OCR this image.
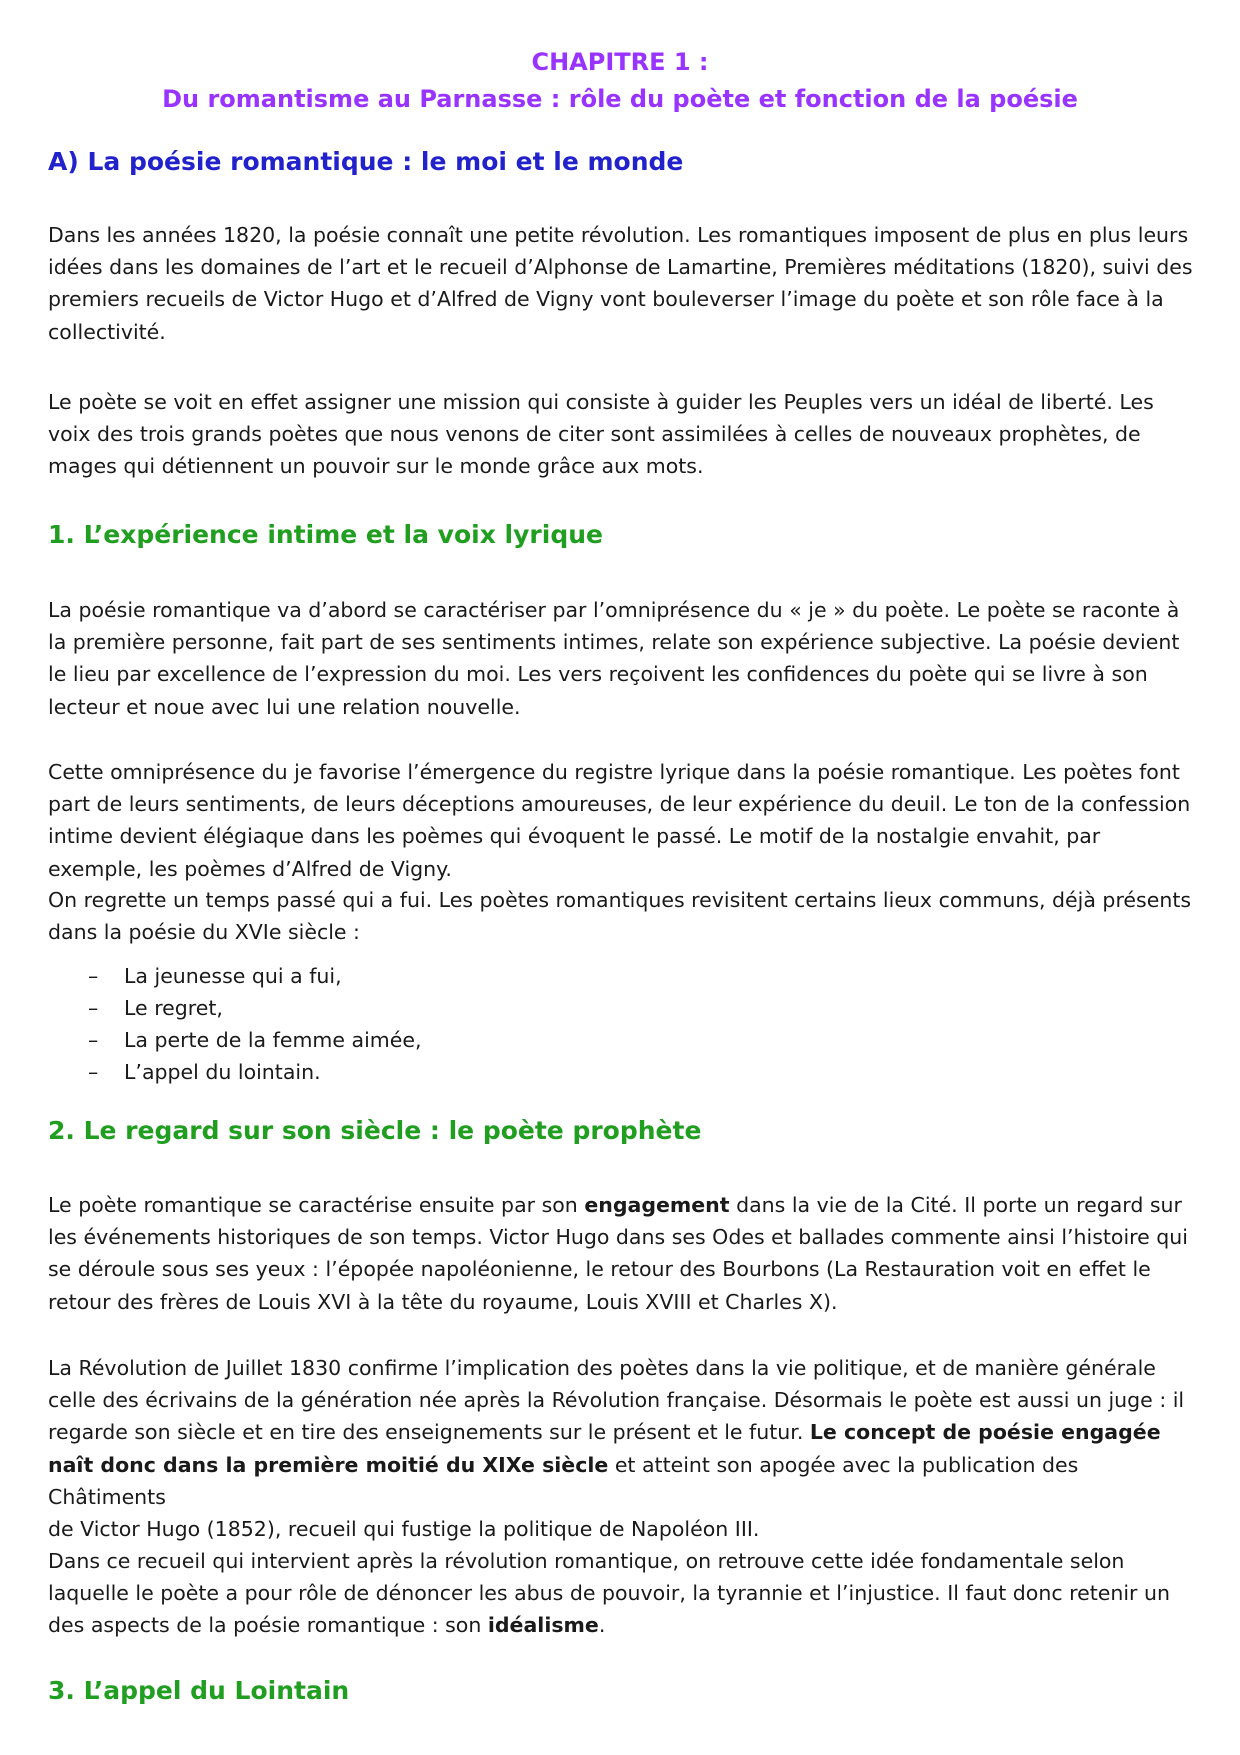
CHAPITRE 1 :
Du romantisme au Parnasse : rôle du poète et fonction de la poésie
A) La poésie romantique : le moi et le monde

Dans les années 1820, la poésie connaît une petite révolution. Les romantiques imposent de plus en plus leurs idées dans les domaines de l’art et le recueil d’Alphonse de Lamartine, Premières méditations (1820), suivi des premiers recueils de Victor Hugo et d’Alfred de Vigny vont bouleverser l’image du poète et son rôle face à la collectivité.

Le poète se voit en effet assigner une mission qui consiste à guider les Peuples vers un idéal de liberté. Les voix des trois grands poètes que nous venons de citer sont assimilées à celles de nouveaux prophètes, de mages qui détiennent un pouvoir sur le monde grâce aux mots.

1. L’expérience intime et la voix lyrique

La poésie romantique va d’abord se caractériser par l’omniprésence du « je » du poète. Le poète se raconte à la première personne, fait part de ses sentiments intimes, relate son expérience subjective. La poésie devient le lieu par excellence de l’expression du moi. Les vers reçoivent les confidences du poète qui se livre à son lecteur et noue avec lui une relation nouvelle.

Cette omniprésence du je favorise l’émergence du registre lyrique dans la poésie romantique. Les poètes font part de leurs sentiments, de leurs déceptions amoureuses, de leur expérience du deuil. Le ton de la confession intime devient élégiaque dans les poèmes qui évoquent le passé. Le motif de la nostalgie envahit, par exemple, les poèmes d’Alfred de Vigny.

On regrette un temps passé qui a fui. Les poètes romantiques revisitent certains lieux communs, déjà présents dans la poésie du XVIe siècle :

– La jeunesse qui a fui,
– Le regret,
– La perte de la femme aimée,
– L’appel du lointain.
2. Le regard sur son siècle : le poète prophète

Le poète romantique se caractérise ensuite par son engagement dans la vie de la Cité. Il porte un regard sur les événements historiques de son temps. Victor Hugo dans ses Odes et ballades commente ainsi l’histoire qui se déroule sous ses yeux : l’épopée napoléonienne, le retour des Bourbons (La Restauration voit en effet le retour des frères de Louis XVI à la tête du royaume, Louis XVIII et Charles X).

La Révolution de Juillet 1830 confirme l’implication des poètes dans la vie politique, et de manière générale celle des écrivains de la génération née après la Révolution française. Désormais le poète est aussi un juge : il regarde son siècle et en tire des enseignements sur le présent et le futur. Le concept de poésie engagée naît donc dans la première moitié du XIXe siècle et atteint son apogée avec la publication des Châtiments

de Victor Hugo (1852), recueil qui fustige la politique de Napoléon III.

Dans ce recueil qui intervient après la révolution romantique, on retrouve cette idée fondamentale selon laquelle le poète a pour rôle de dénoncer les abus de pouvoir, la tyrannie et l’injustice. Il faut donc retenir un des aspects de la poésie romantique : son idéalisme.

3. L’appel du Lointain
